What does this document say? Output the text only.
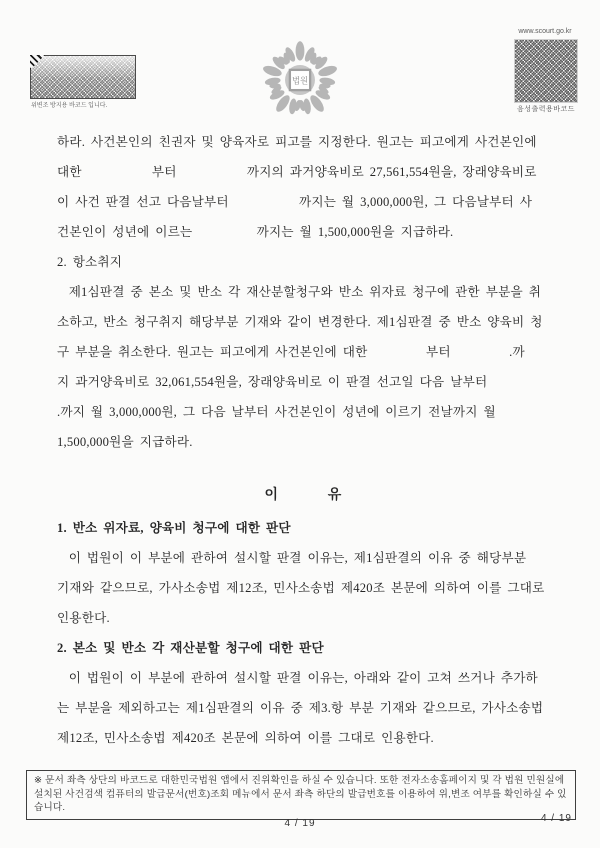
위변조 방지용 바코드 입니다.
법원
www.scourt.go.kr
음성출력용바코드
하라. 사건본인의 친권자 및 양육자로 피고를 지정한다. 원고는 피고에게 사건본인에
대한            부터            까지의 과거양육비로 27,561,554원을, 장래양육비로
이 사건 판결 선고 다음날부터            까지는 월 3,000,000원, 그 다음날부터 사
건본인이 성년에 이르는           까지는 월 1,500,000원을 지급하라.
2. 항소취지
제1심판결 중 본소 및 반소 각 재산분할청구와 반소 위자료 청구에 관한 부분을 취
소하고, 반소 청구취지 해당부분 기재와 같이 변경한다. 제1심판결 중 반소 양육비 청
구 부분을 취소한다. 원고는 피고에게 사건본인에 대한          부터          .까
지 과거양육비로 32,061,554원을, 장래양육비로 이 판결 선고일 다음 날부터
.까지 월 3,000,000원, 그 다음 날부터 사건본인이 성년에 이르기 전날까지 월
1,500,000원을 지급하라.
이        유
1. 반소 위자료, 양육비 청구에 대한 판단
이 법원이 이 부분에 관하여 설시할 판결 이유는, 제1심판결의 이유 중 해당부분
기재와 같으므로, 가사소송법 제12조, 민사소송법 제420조 본문에 의하여 이를 그대로
인용한다.
2. 본소 및 반소 각 재산분할 청구에 대한 판단
이 법원이 이 부분에 관하여 설시할 판결 이유는, 아래와 같이 고쳐 쓰거나 추가하
는 부분을 제외하고는 제1심판결의 이유 중 제3.항 부분 기재와 같으므로, 가사소송법
제12조, 민사소송법 제420조 본문에 의하여 이를 그대로 인용한다.
※ 문서 좌측 상단의 바코드로 대한민국법원 앱에서 진위확인을 하실 수 있습니다. 또한 전자소송홈페이지 및 각 법원 민원실에 설치된 사건검색 컴퓨터의 발급문서(번호)조회 메뉴에서 문서 좌측 하단의 발급번호를 이용하여 위,변조 여부를 확인하실 수 있습니다.
4 / 19	4 / 19
